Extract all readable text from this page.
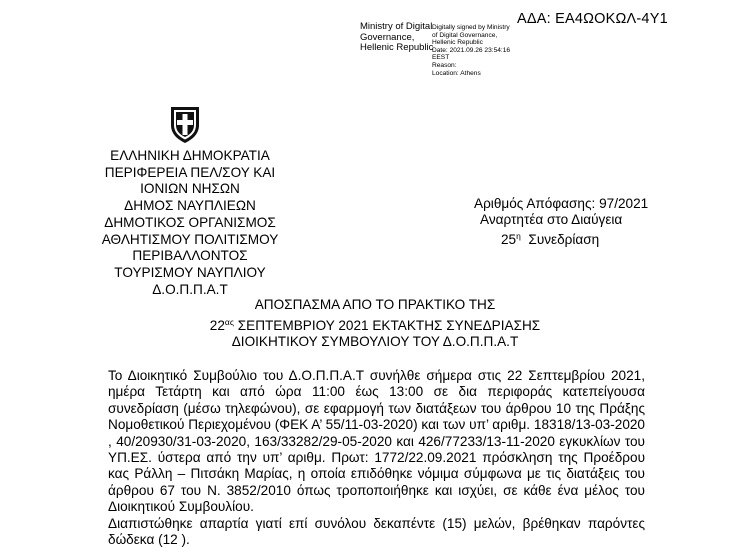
ΑΔΑ: ΕΑ4ΩΟΚΩΛ-4Υ1
Ministry of Digital
Governance,
Hellenic Republic
Digitally signed by Ministry
of Digital Governance,
Hellenic Republic
Date: 2021.09.26 23:54:16
EEST
Reason:
Location: Athens
ΕΛΛΗΝΙΚΗ ΔΗΜΟΚΡΑΤΙΑ
ΠΕΡΙΦΕΡΕΙΑ ΠΕΛ/ΣΟΥ ΚΑΙ
ΙΟΝΙΩΝ ΝΗΣΩΝ
ΔΗΜΟΣ ΝΑΥΠΛΙΕΩΝ
ΔΗΜΟΤΙΚΟΣ ΟΡΓΑΝΙΣΜΟΣ
ΑΘΛΗΤΙΣΜΟΥ ΠΟΛΙΤΙΣΜΟΥ
ΠΕΡΙΒΑΛΛΟΝΤΟΣ
ΤΟΥΡΙΣΜΟΥ ΝΑΥΠΛΙΟΥ
Δ.Ο.Π.Π.Α.Τ
Αριθμός Απόφασης: 97/2021
Αναρτητέα στο Διαύγεια
$25^\eta$ Συνεδρίαση
ΑΠΟΣΠΑΣΜΑ ΑΠΟ ΤΟ ΠΡΑΚΤΙΚΟ ΤΗΣ
$22^{\alpha\varsigma}$ ΣΕΠΤΕΜΒΡΙΟΥ 2021 ΕΚΤΑΚΤΗΣ ΣΥΝΕΔΡΙΑΣΗΣ
ΔΙΟΙΚΗΤΙΚΟΥ ΣΥΜΒΟΥΛΙΟΥ ΤΟΥ Δ.Ο.Π.Π.Α.Τ

Το Διοικητικό Συμβούλιο του Δ.Ο.Π.Π.Α.Τ συνήλθε σήμερα στις 22 Σεπτεμβρίου 2021, ημέρα Τετάρτη και από ώρα 11:00 έως 13:00 σε δια περιφοράς κατεπείγουσα συνεδρίαση (μέσω τηλεφώνου), σε εφαρμογή των διατάξεων του άρθρου 10 της Πράξης Νομοθετικού Περιεχομένου (ΦΕΚ Α’ 55/11-03-2020) και των υπ’ αριθμ. 18318/13-03-2020 , 40/20930/31-03-2020, 163/33282/29-05-2020 και 426/77233/13-11-2020 εγκυκλίων του ΥΠ.ΕΣ. ύστερα από την υπ’ αριθμ. Πρωτ: 1772/22.09.2021 πρόσκληση της Προέδρου κας Ράλλη – Πιτσάκη Μαρίας, η οποία επιδόθηκε νόμιμα σύμφωνα με τις διατάξεις του άρθρου 67 του Ν. 3852/2010 όπως τροποποιήθηκε και ισχύει, σε κάθε ένα μέλος του Διοικητικού Συμβουλίου.

Διαπιστώθηκε απαρτία γιατί επί συνόλου δεκαπέντε (15) μελών, βρέθηκαν παρόντες δώδεκα (12 ).
